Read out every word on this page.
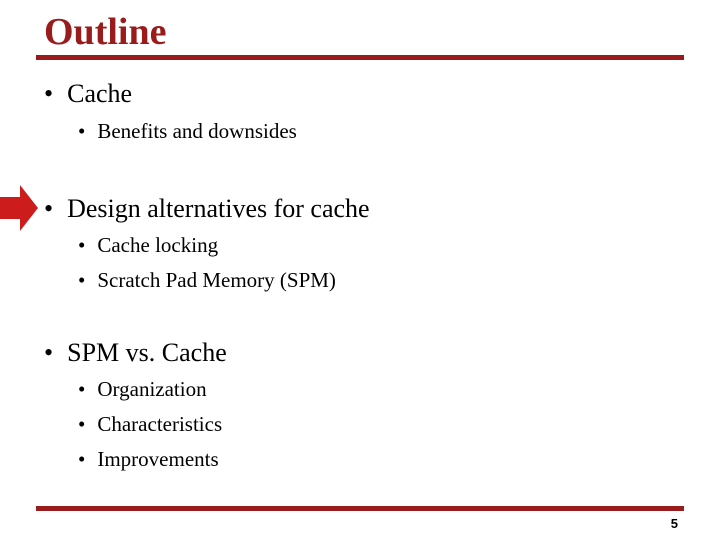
Outline
• Cache
• Benefits and downsides
• Design alternatives for cache
• Cache locking
• Scratch Pad Memory (SPM)
• SPM vs. Cache
• Organization
• Characteristics
• Improvements
5
